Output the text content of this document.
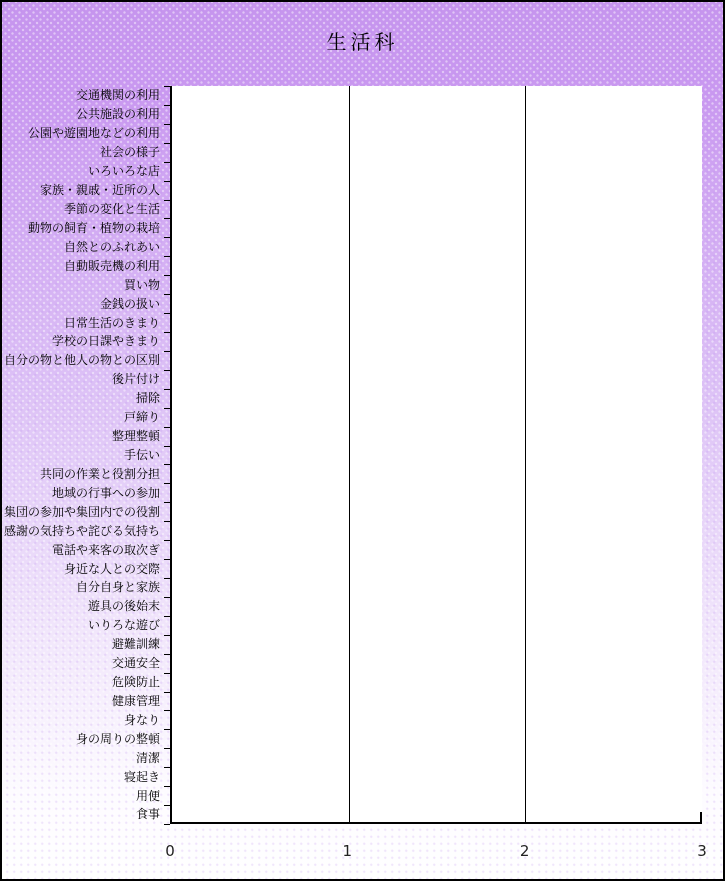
生活科
交通機関の利用
公共施設の利用
公園や遊園地などの利用
社会の様子
いろいろな店
家族・親戚・近所の人
季節の変化と生活
動物の飼育・植物の栽培
自然とのふれあい
自動販売機の利用
買い物
金銭の扱い
日常生活のきまり
学校の日課やきまり
自分の物と他人の物との区別
後片付け
掃除
戸締り
整理整頓
手伝い
共同の作業と役割分担
地域の行事への参加
集団の参加や集団内での役割
感謝の気持ちや詫びる気持ち
電話や来客の取次ぎ
身近な人との交際
自分自身と家族
遊具の後始末
いりろな遊び
避難訓練
交通安全
危険防止
健康管理
身なり
身の周りの整頓
清潔
寝起き
用便
食事
0	1	2	3
